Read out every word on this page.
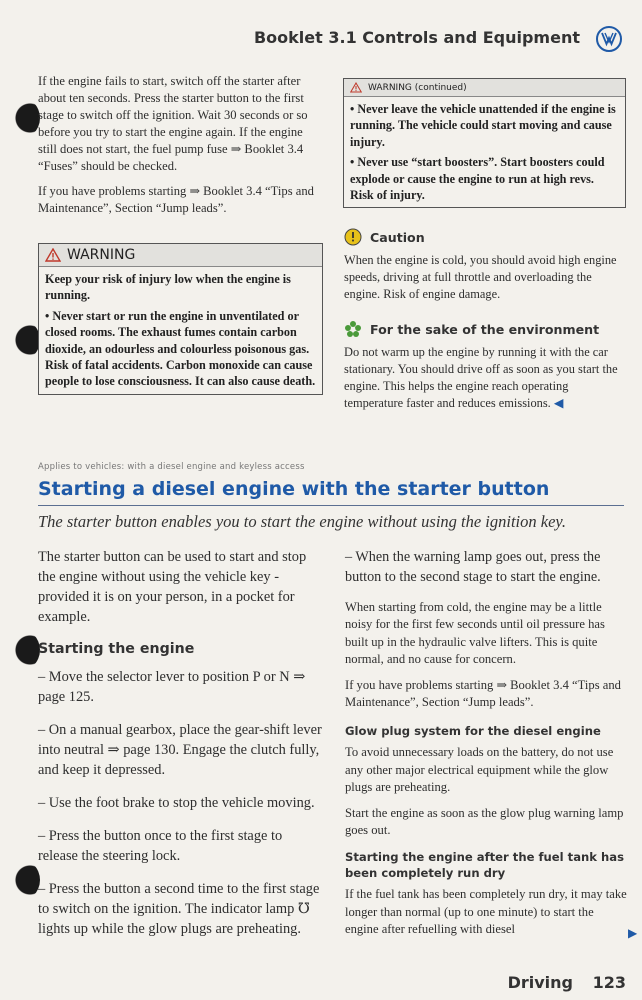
Booklet 3.1 Controls and Equipment

If the engine fails to start, switch off the starter after about ten seconds. Press the starter button to the first stage to switch off the ignition. Wait 30 seconds or so before you try to start the engine again. If the engine still does not start, the fuel pump fuse ⇒ Booklet 3.4 “Fuses” should be checked.

If you have problems starting ⇒ Booklet 3.4 “Tips and Maintenance”, Section “Jump leads”.

WARNING

Keep your risk of injury low when the engine is running.

• Never start or run the engine in unventilated or closed rooms. The exhaust fumes contain carbon dioxide, an odourless and colourless poisonous gas. Risk of fatal accidents. Carbon monoxide can cause people to lose consciousness. It can also cause death.

WARNING (continued)

• Never leave the vehicle unattended if the engine is running. The vehicle could start moving and cause injury.

• Never use “start boosters”. Start boosters could explode or cause the engine to run at high revs. Risk of injury.

Caution

When the engine is cold, you should avoid high engine speeds, driving at full throttle and overloading the engine. Risk of engine damage.

For the sake of the environment

Do not warm up the engine by running it with the car stationary. You should drive off as soon as you start the engine. This helps the engine reach operating temperature faster and reduces emissions. ◀

Applies to vehicles: with a diesel engine and keyless access
Starting a diesel engine with the starter button
The starter button enables you to start the engine without using the ignition key.

The starter button can be used to start and stop the engine without using the vehicle key - provided it is on your person, in a pocket for example.

Starting the engine

– Move the selector lever to position P or N ⇒ page 125.

– On a manual gearbox, place the gear-shift lever into neutral ⇒ page 130. Engage the clutch fully, and keep it depressed.

– Use the foot brake to stop the vehicle moving.

– Press the button once to the first stage to release the steering lock.

– Press the button a second time to the first stage to switch on the ignition. The indicator lamp ℧ lights up while the glow plugs are preheating.

– When the warning lamp goes out, press the button to the second stage to start the engine.

When starting from cold, the engine may be a little noisy for the first few seconds until oil pressure has built up in the hydraulic valve lifters. This is quite normal, and no cause for concern.

If you have problems starting ⇒ Booklet 3.4 “Tips and Maintenance”, Section “Jump leads”.

Glow plug system for the diesel engine

To avoid unnecessary loads on the battery, do not use any other major electrical equipment while the glow plugs are preheating.

Start the engine as soon as the glow plug warning lamp goes out.

Starting the engine after the fuel tank has been completely run dry

If the fuel tank has been completely run dry, it may take longer than normal (up to one minute) to start the engine after refuelling with diesel	▶
Driving 123
